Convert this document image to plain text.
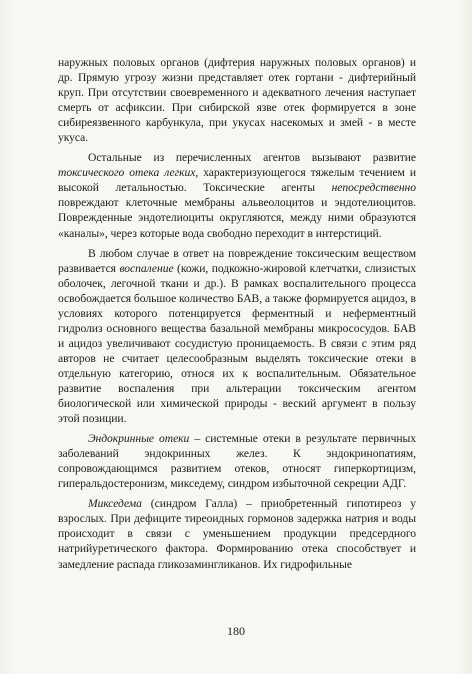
наружных половых органов (дифтерия наружных половых органов) и др. Прямую угрозу жизни представляет отек гортани - дифтерийный круп. При отсутствии своевременного и адекватного лечения наступает смерть от асфиксии. При сибирской язве отек формируется в зоне сибиреязвенного карбункула, при укусах насекомых и змей - в месте укуса.

Остальные из перечисленных агентов вызывают развитие токсического отека легких, характеризующегося тяжелым течением и высокой летальностью. Токсические агенты непосредственно повреждают клеточные мембраны альвеолоцитов и эндотелиоцитов. Поврежденные эндотелиоциты округляются, между ними образуются «каналы», через которые вода свободно переходит в интерстиций.

В любом случае в ответ на повреждение токсическим веществом развивается воспаление (кожи, подкожно-жировой клетчатки, слизистых оболочек, легочной ткани и др.). В рамках воспалительного процесса освобождается большое количество БАВ, а также формируется ацидоз, в условиях которого потенцируется ферментный и неферментный гидролиз основного вещества базальной мембраны микрососудов. БАВ и ацидоз увеличивают сосудистую проницаемость. В связи с этим ряд авторов не считает целесообразным выделять токсические отеки в отдельную категорию, относя их к воспалительным. Обязательное развитие воспаления при альтерации токсическим агентом биологической или химической природы - веский аргумент в пользу этой позиции.

Эндокринные отеки – системные отеки в результате первичных заболеваний эндокринных желез. К эндокринопатиям, сопровождающимся развитием отеков, относят гиперкортицизм, гиперальдостеронизм, микседему, синдром избыточной секреции АДГ.

Микседема (синдром Галла) – приобретенный гипотиреоз у взрослых. При дефиците тиреоидных гормонов задержка натрия и воды происходит в связи с уменьшением продукции предсердного натрийуретического фактора. Формированию отека способствует и замедление распада гликозамингликанов. Их гидрофильные

180
